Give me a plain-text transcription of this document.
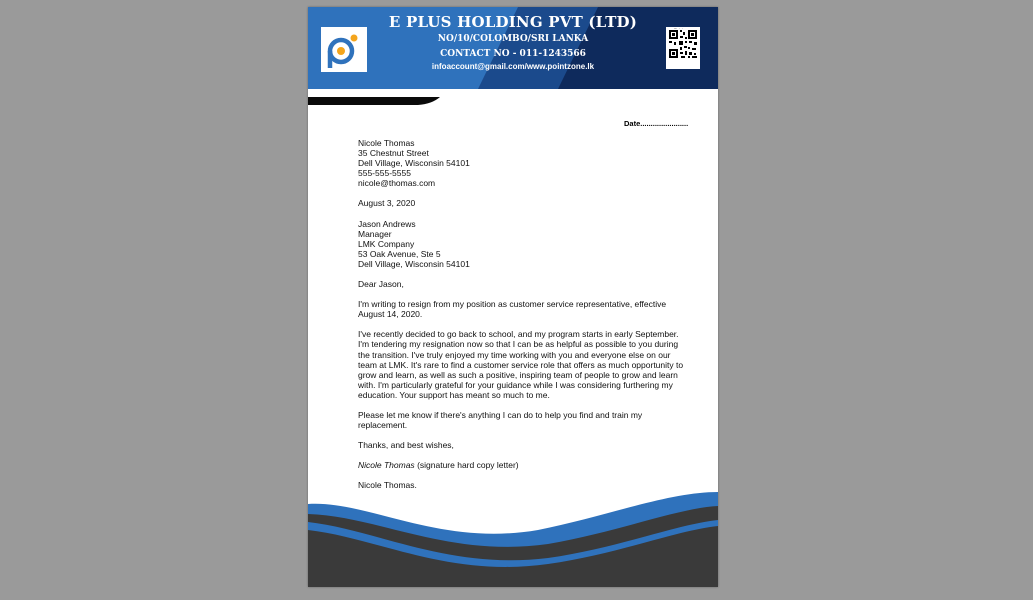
E PLUS HOLDING PVT (LTD)
NO/10/COLOMBO/SRI LANKA
CONTACT NO - 011-1243566
infoaccount@gmail.com/www.pointzone.lk
Date.......................
Nicole Thomas
35 Chestnut Street
Dell Village, Wisconsin 54101
555-555-5555
nicole@thomas.com

August 3, 2020

Jason Andrews
Manager
LMK Company
53 Oak Avenue, Ste 5
Dell Village, Wisconsin 54101

Dear Jason,

I'm writing to resign from my position as customer service representative, effective August 14, 2020.

I've recently decided to go back to school, and my program starts in early September. I'm tendering my resignation now so that I can be as helpful as possible to you during the transition. I've truly enjoyed my time working with you and everyone else on our team at LMK. It's rare to find a customer service role that offers as much opportunity to grow and learn, as well as such a positive, inspiring team of people to grow and learn with. I'm particularly grateful for your guidance while I was considering furthering my education. Your support has meant so much to me.

Please let me know if there's anything I can do to help you find and train my replacement.

Thanks, and best wishes,

Nicole Thomas (signature hard copy letter)

Nicole Thomas.
